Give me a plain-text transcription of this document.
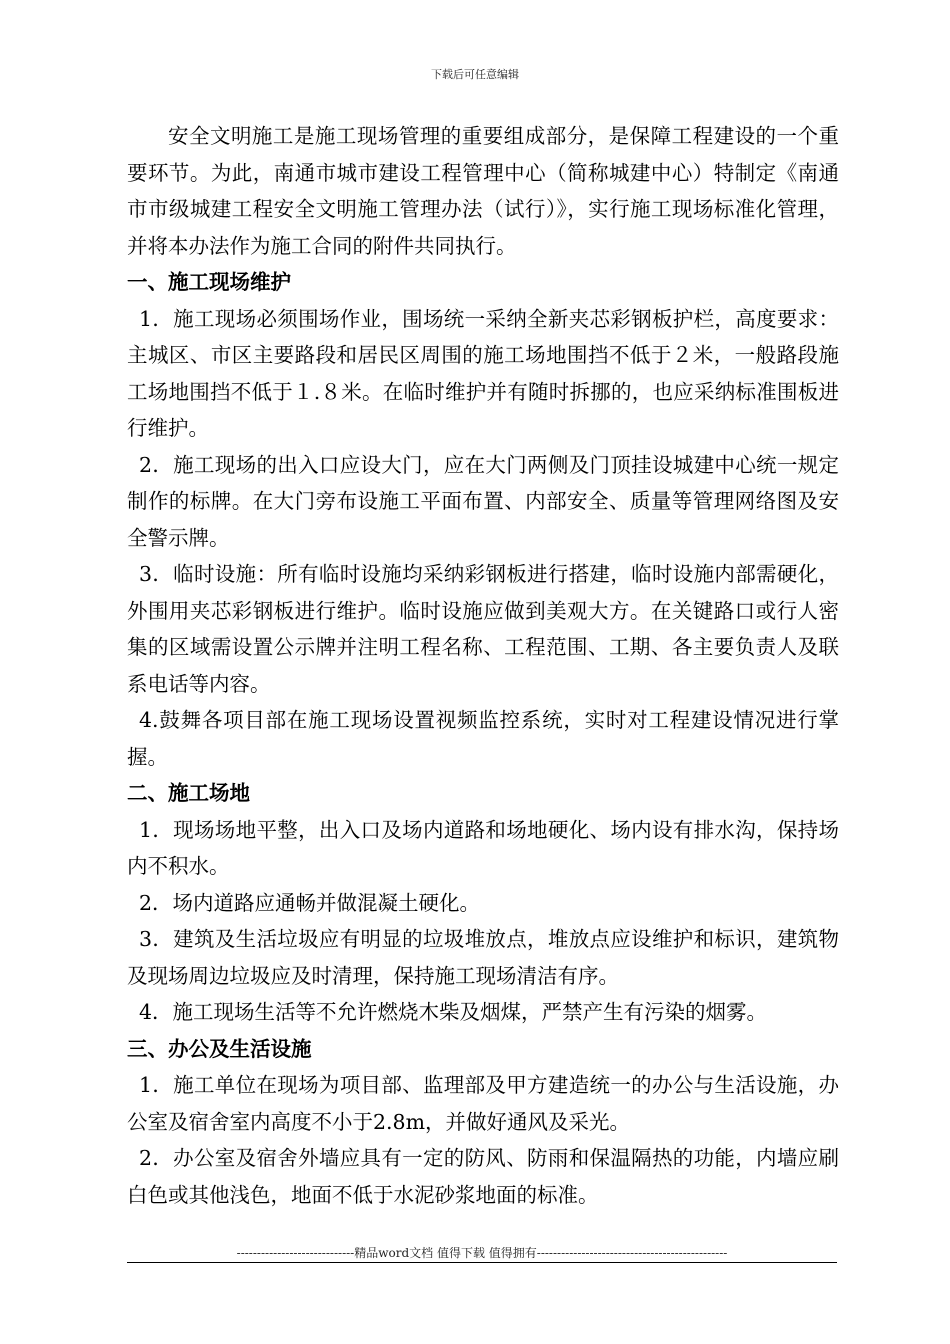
下载后可任意编辑

安全文明施工是施工现场管理的重要组成部分，是保障工程建设的一个重要环节。为此，南通市城市建设工程管理中心（简称城建中心）特制定《南通市市级城建工程安全文明施工管理办法（试行）》，实行施工现场标准化管理，并将本办法作为施工合同的附件共同执行。

一、施工现场维护

1．施工现场必须围场作业，围场统一采纳全新夹芯彩钢板护栏，高度要求：主城区、市区主要路段和居民区周围的施工场地围挡不低于２米，一般路段施工场地围挡不低于１.８米。在临时维护并有随时拆挪的，也应采纳标准围板进行维护。

2．施工现场的出入口应设大门，应在大门两侧及门顶挂设城建中心统一规定制作的标牌。在大门旁布设施工平面布置、内部安全、质量等管理网络图及安全警示牌。

3．临时设施：所有临时设施均采纳彩钢板进行搭建，临时设施内部需硬化，外围用夹芯彩钢板进行维护。临时设施应做到美观大方。在关键路口或行人密集的区域需设置公示牌并注明工程名称、工程范围、工期、各主要负责人及联系电话等内容。

4.鼓舞各项目部在施工现场设置视频监控系统，实时对工程建设情况进行掌握。

二、施工场地

1．现场场地平整，出入口及场内道路和场地硬化、场内设有排水沟，保持场内不积水。

2．场内道路应通畅并做混凝土硬化。

3．建筑及生活垃圾应有明显的垃圾堆放点，堆放点应设维护和标识，建筑物及现场周边垃圾应及时清理，保持施工现场清洁有序。

4．施工现场生活等不允许燃烧木柴及烟煤，严禁产生有污染的烟雾。

三、办公及生活设施

1．施工单位在现场为项目部、监理部及甲方建造统一的办公与生活设施，办公室及宿舍室内高度不小于2.8m，并做好通风及采光。

2．办公室及宿舍外墙应具有一定的防风、防雨和保温隔热的功能，内墙应刷白色或其他浅色，地面不低于水泥砂浆地面的标准。

-----------------------------精品word文档 值得下载 值得拥有-----------------------------------------------
